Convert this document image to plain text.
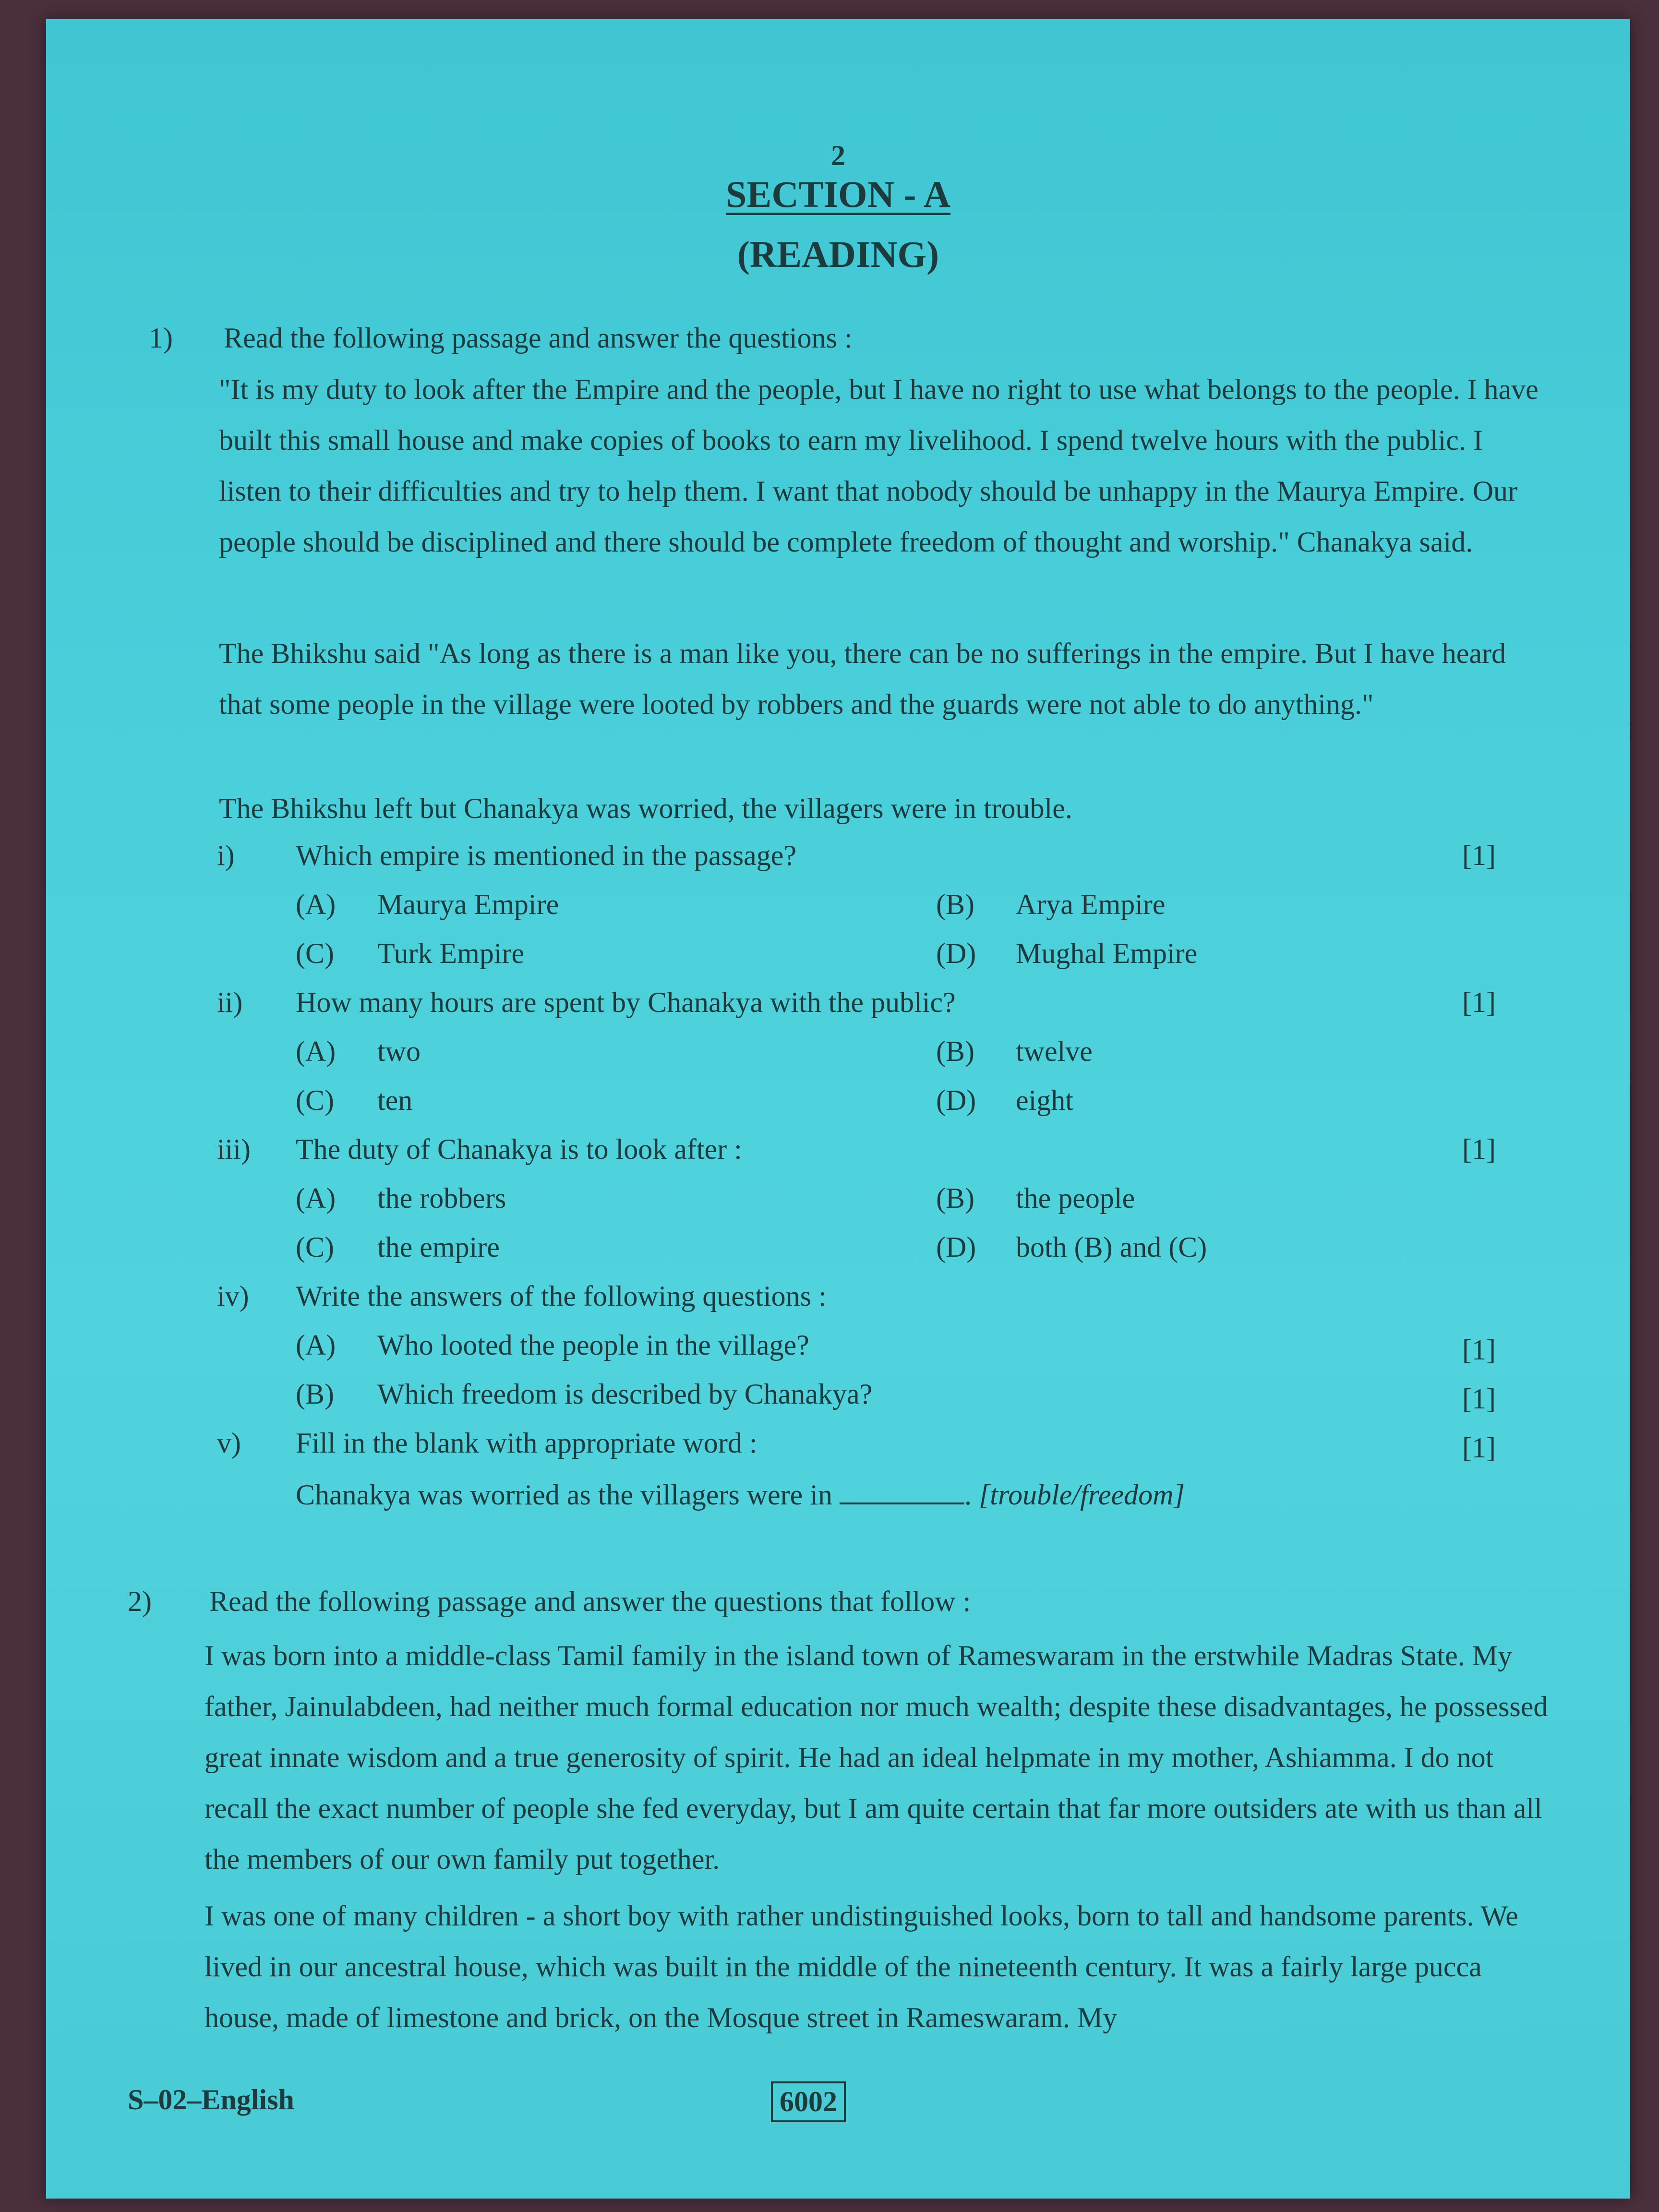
2
SECTION - A
(READING)
1) Read the following passage and answer the questions :
"It is my duty to look after the Empire and the people, but I have no right to use what belongs to the people. I have built this small house and make copies of books to earn my livelihood. I spend twelve hours with the public. I listen to their difficulties and try to help them. I want that nobody should be unhappy in the Maurya Empire. Our people should be disciplined and there should be complete freedom of thought and worship." Chanakya said.
The Bhikshu said "As long as there is a man like you, there can be no sufferings in the empire. But I have heard that some people in the village were looted by robbers and the guards were not able to do anything."
The Bhikshu left but Chanakya was worried, the villagers were in trouble.
i) Which empire is mentioned in the passage?	[1]
(A) Maurya Empire	(B) Arya Empire
(C) Turk Empire	(D) Mughal Empire
ii) How many hours are spent by Chanakya with the public?	[1]
(A) two	(B) twelve
(C) ten	(D) eight
iii) The duty of Chanakya is to look after :	[1]
(A) the robbers	(B) the people
(C) the empire	(D) both (B) and (C)
iv) Write the answers of the following questions :
(A) Who looted the people in the village?	[1]
(B) Which freedom is described by Chanakya?	[1]
v) Fill in the blank with appropriate word :	[1]
Chanakya was worried as the villagers were in	. [trouble/freedom]
2) Read the following passage and answer the questions that follow :
I was born into a middle-class Tamil family in the island town of Rameswaram in the erstwhile Madras State. My father, Jainulabdeen, had neither much formal education nor much wealth; despite these disadvantages, he possessed great innate wisdom and a true generosity of spirit. He had an ideal helpmate in my mother, Ashiamma. I do not recall the exact number of people she fed everyday, but I am quite certain that far more outsiders ate with us than all the members of our own family put together.
I was one of many children - a short boy with rather undistinguished looks, born to tall and handsome parents. We lived in our ancestral house, which was built in the middle of the nineteenth century. It was a fairly large pucca house, made of limestone and brick, on the Mosque street in Rameswaram. My
S–02–English	6002
